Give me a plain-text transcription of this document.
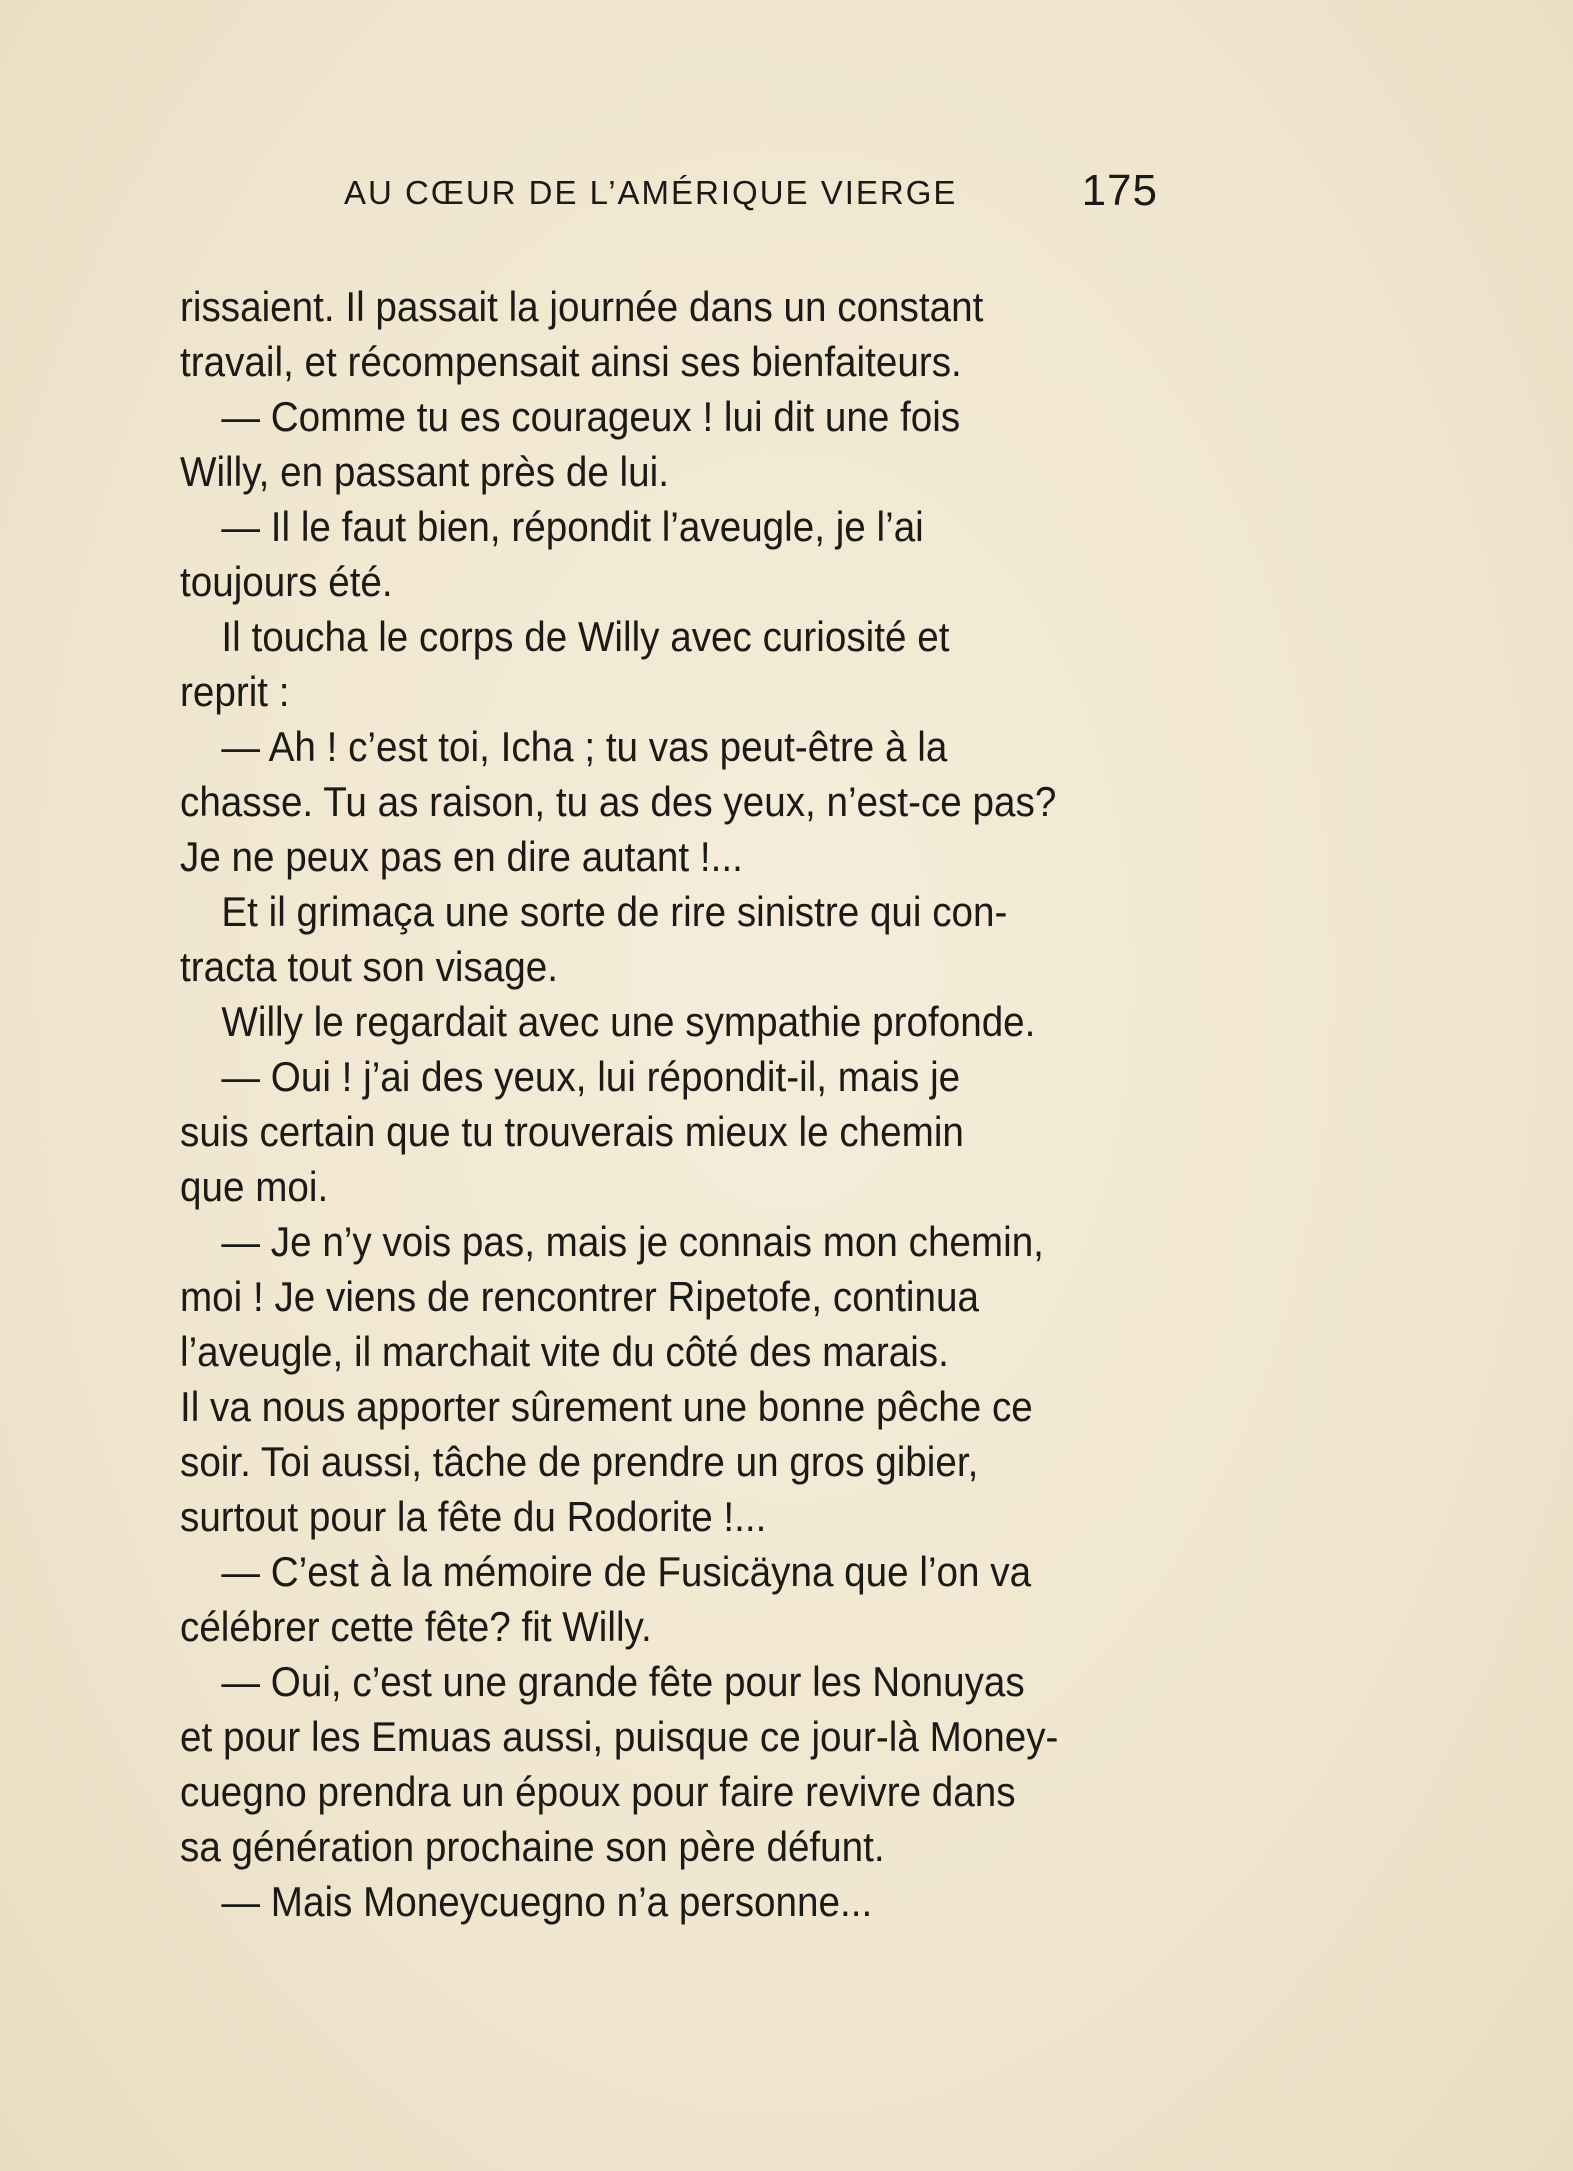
AU CŒUR DE L’AMÉRIQUE VIERGE	175

rissaient. Il passait la journée dans un constant
travail, et récompensait ainsi ses bienfaiteurs.

— Comme tu es courageux ! lui dit une fois
Willy, en passant près de lui.

— Il le faut bien, répondit l’aveugle, je l’ai
toujours été.

Il toucha le corps de Willy avec curiosité et
reprit :

— Ah ! c’est toi, Icha ; tu vas peut-être à la
chasse. Tu as raison, tu as des yeux, n’est-ce pas?
Je ne peux pas en dire autant !...

Et il grimaça une sorte de rire sinistre qui con-
tracta tout son visage.

Willy le regardait avec une sympathie profonde.

— Oui ! j’ai des yeux, lui répondit-il, mais je
suis certain que tu trouverais mieux le chemin
que moi.

— Je n’y vois pas, mais je connais mon chemin,
moi ! Je viens de rencontrer Ripetofe, continua
l’aveugle, il marchait vite du côté des marais.
Il va nous apporter sûrement une bonne pêche ce
soir. Toi aussi, tâche de prendre un gros gibier,
surtout pour la fête du Rodorite !...

— C’est à la mémoire de Fusicäyna que l’on va
célébrer cette fête? fit Willy.

— Oui, c’est une grande fête pour les Nonuyas
et pour les Emuas aussi, puisque ce jour-là Money-
cuegno prendra un époux pour faire revivre dans
sa génération prochaine son père défunt.

— Mais Moneycuegno n’a personne...
